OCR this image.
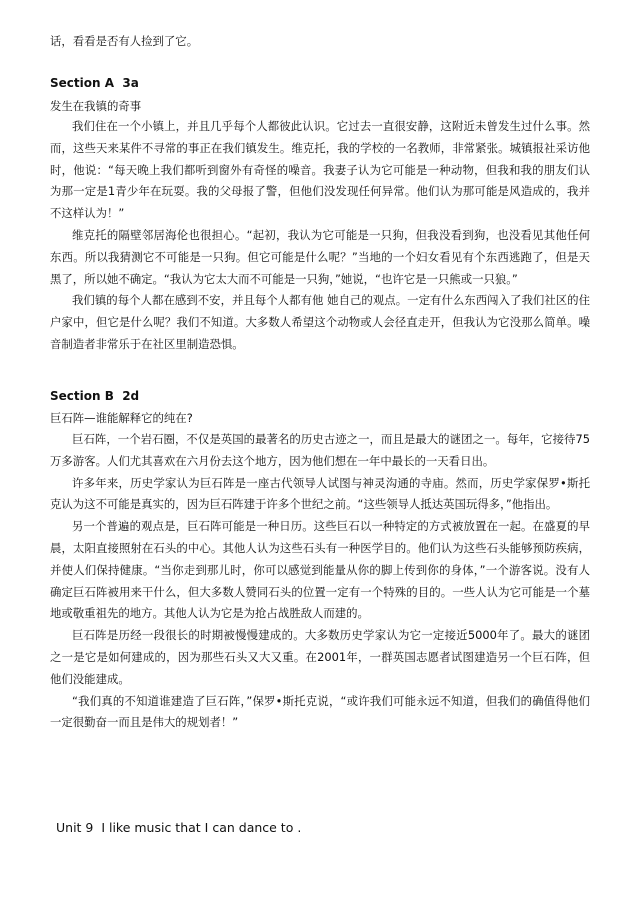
话，看看是否有人捡到了它。

Section A  3a
发生在我镇的奇事

我们住在一个小镇上，并且几乎每个人都彼此认识。它过去一直很安静，这附近未曾发生过什么事。然而，这些天来某件不寻常的事正在我们镇发生。维克托，我的学校的一名教师，非常紧张。城镇报社采访他时，他说：“每天晚上我们都听到窗外有奇怪的噪音。我妻子认为它可能是一种动物，但我和我的朋友们认为那一定是1青少年在玩耍。我的父母报了警，但他们没发现任何异常。他们认为那可能是风造成的，我并不这样认为！”

维克托的隔壁邻居海伦也很担心。“起初，我认为它可能是一只狗，但我没看到狗，也没看见其他任何东西。所以我猜测它不可能是一只狗。但它可能是什么呢？”当地的一个妇女看见有个东西逃跑了，但是天黑了，所以她不确定。“我认为它太大而不可能是一只狗，”她说，“也许它是一只熊或一只狼。”

我们镇的每个人都在感到不安，并且每个人都有他 她自己的观点。一定有什么东西闯入了我们社区的住户家中，但它是什么呢？我们不知道。大多数人希望这个动物或人会径直走开，但我认为它没那么简单。噪音制造者非常乐于在社区里制造恐惧。

Section B  2d
巨石阵—谁能解释它的纯在?

巨石阵，一个岩石圈，不仅是英国的最著名的历史古迹之一，而且是最大的谜团之一。每年，它接待75万多游客。人们尤其喜欢在六月份去这个地方，因为他们想在一年中最长的一天看日出。

许多年来，历史学家认为巨石阵是一座古代领导人试图与神灵沟通的寺庙。然而，历史学家保罗•斯托克认为这不可能是真实的，因为巨石阵建于许多个世纪之前。“这些领导人抵达英国玩得多，”他指出。

另一个普遍的观点是，巨石阵可能是一种日历。这些巨石以一种特定的方式被放置在一起。在盛夏的早晨，太阳直接照射在石头的中心。其他人认为这些石头有一种医学目的。他们认为这些石头能够预防疾病，并使人们保持健康。“当你走到那儿时，你可以感觉到能量从你的脚上传到你的身体，”一个游客说。没有人确定巨石阵被用来干什么，但大多数人赞同石头的位置一定有一个特殊的目的。一些人认为它可能是一个墓地或敬重祖先的地方。其他人认为它是为抢占战胜敌人而建的。

巨石阵是历经一段很长的时期被慢慢建成的。大多数历史学家认为它一定接近5000年了。最大的谜团之一是它是如何建成的，因为那些石头又大又重。在2001年，一群英国志愿者试图建造另一个巨石阵，但他们没能建成。

“我们真的不知道谁建造了巨石阵，”保罗•斯托克说，“或许我们可能永远不知道，但我们的确值得他们一定很勤奋一而且是伟大的规划者！”

Unit 9  I like music that I can dance to .
